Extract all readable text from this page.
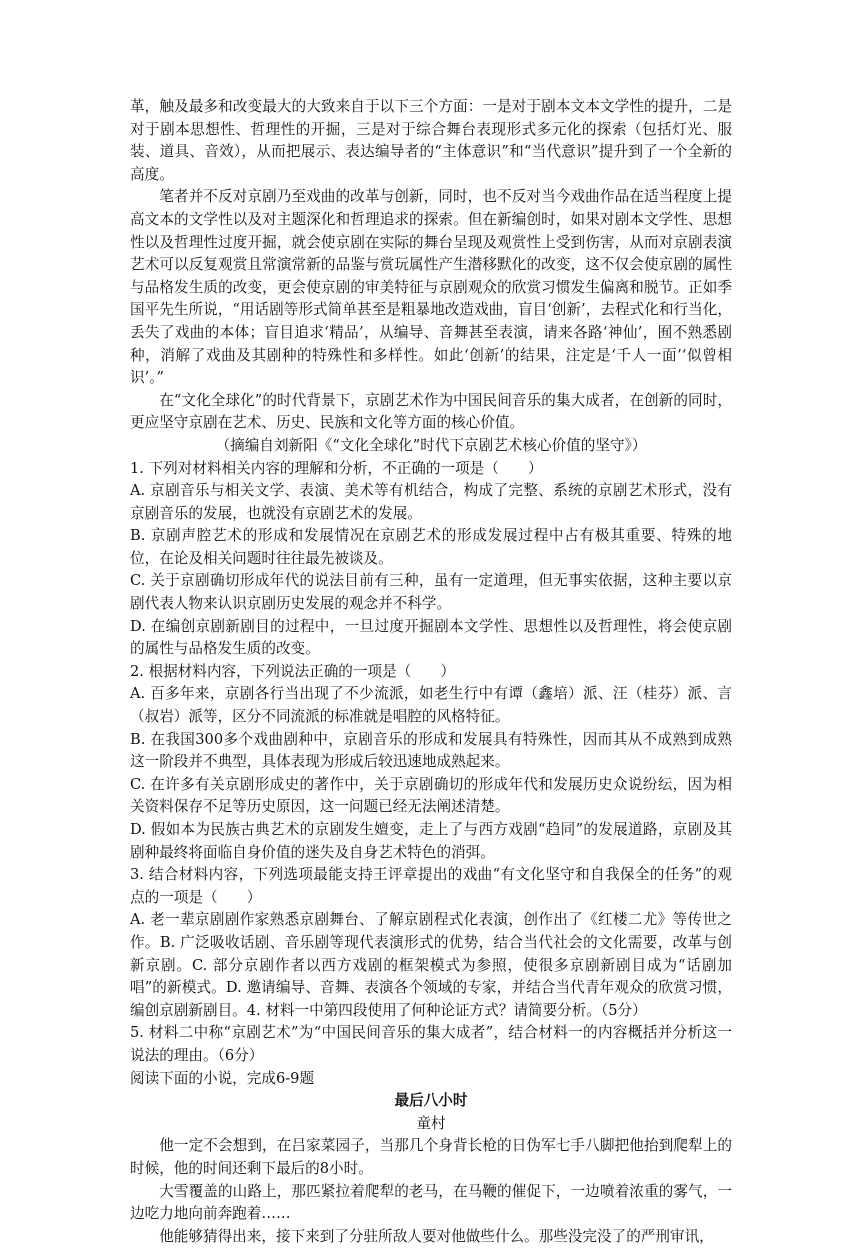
革，触及最多和改变最大的大致来自于以下三个方面：一是对于剧本文本文学性的提升，二是对于剧本思想性、哲理性的开掘，三是对于综合舞台表现形式多元化的探索（包括灯光、服装、道具、音效），从而把展示、表达编导者的“主体意识”和“当代意识”提升到了一个全新的高度。

笔者并不反对京剧乃至戏曲的改革与创新，同时，也不反对当今戏曲作品在适当程度上提高文本的文学性以及对主题深化和哲理追求的探索。但在新编创时，如果对剧本文学性、思想性以及哲理性过度开掘，就会使京剧在实际的舞台呈现及观赏性上受到伤害，从而对京剧表演艺术可以反复观赏且常演常新的品鉴与赏玩属性产生潜移默化的改变，这不仅会使京剧的属性与品格发生质的改变，更会使京剧的审美特征与京剧观众的欣赏习惯发生偏离和脱节。正如季国平先生所说，“用话剧等形式简单甚至是粗暴地改造戏曲，盲目‘创新’，去程式化和行当化，丢失了戏曲的本体；盲目追求‘精品’，从编导、音舞甚至表演，请来各路‘神仙’，囿不熟悉剧种，消解了戏曲及其剧种的特殊性和多样性。如此‘创新’的结果，注定是‘千人一面’‘似曾相识’。”

在“文化全球化”的时代背景下，京剧艺术作为中国民间音乐的集大成者，在创新的同时，更应坚守京剧在艺术、历史、民族和文化等方面的核心价值。

（摘编自刘新阳《“文化全球化”时代下京剧艺术核心价值的坚守》）

1. 下列对材料相关内容的理解和分析，不正确的一项是（　　）

A. 京剧音乐与相关文学、表演、美术等有机结合，构成了完整、系统的京剧艺术形式，没有京剧音乐的发展，也就没有京剧艺术的发展。

B. 京剧声腔艺术的形成和发展情况在京剧艺术的形成发展过程中占有极其重要、特殊的地位，在论及相关问题时往往最先被谈及。

C. 关于京剧确切形成年代的说法目前有三种，虽有一定道理，但无事实依据，这种主要以京剧代表人物来认识京剧历史发展的观念并不科学。

D. 在编创京剧新剧目的过程中，一旦过度开掘剧本文学性、思想性以及哲理性，将会使京剧的属性与品格发生质的改变。

2. 根据材料内容，下列说法正确的一项是（　　）

A. 百多年来，京剧各行当出现了不少流派，如老生行中有谭（鑫培）派、汪（桂芬）派、言（叔岩）派等，区分不同流派的标准就是唱腔的风格特征。

B. 在我国300多个戏曲剧种中，京剧音乐的形成和发展具有特殊性，因而其从不成熟到成熟这一阶段并不典型，具体表现为形成后较迅速地成熟起来。

C. 在许多有关京剧形成史的著作中，关于京剧确切的形成年代和发展历史众说纷纭，因为相关资料保存不足等历史原因，这一问题已经无法阐述清楚。

D. 假如本为民族古典艺术的京剧发生嬗变，走上了与西方戏剧“趋同”的发展道路，京剧及其剧种最终将面临自身价值的迷失及自身艺术特色的消弭。

3. 结合材料内容，下列选项最能支持王评章提出的戏曲“有文化坚守和自我保全的任务”的观点的一项是（　　）

A. 老一辈京剧剧作家熟悉京剧舞台、了解京剧程式化表演，创作出了《红楼二尤》等传世之作。B. 广泛吸收话剧、音乐剧等现代表演形式的优势，结合当代社会的文化需要，改革与创新京剧。C. 部分京剧作者以西方戏剧的框架模式为参照，使很多京剧新剧目成为“话剧加唱”的新模式。D. 邀请编导、音舞、表演各个领域的专家，并结合当代青年观众的欣赏习惯，编创京剧新剧目。4. 材料一中第四段使用了何种论证方式？请简要分析。（5分）

5. 材料二中称“京剧艺术”为“中国民间音乐的集大成者”，结合材料一的内容概括并分析这一说法的理由。（6分）

阅读下面的小说，完成6-9题

最后八小时

童村

他一定不会想到，在吕家菜园子，当那几个身背长枪的日伪军七手八脚把他抬到爬犁上的时候，他的时间还剩下最后的8小时。

大雪覆盖的山路上，那匹紧拉着爬犁的老马，在马鞭的催促下，一边喷着浓重的雾气，一边吃力地向前奔跑着……

他能够猜得出来，接下来到了分驻所敌人要对他做些什么。那些没完没了的严刑审讯，
